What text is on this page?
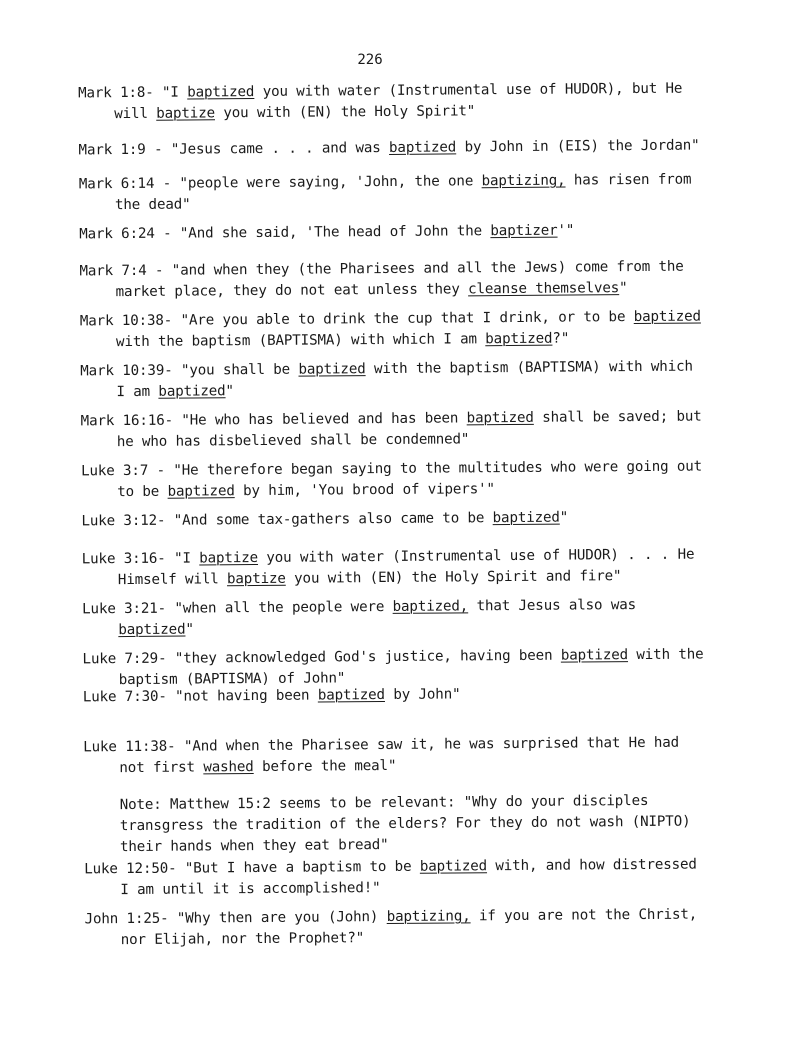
226
Mark 1:8- "I baptized you with water (Instrumental use of HUDOR), but He
will baptize you with (EN) the Holy Spirit"
Mark 1:9 - "Jesus came . . . and was baptized by John in (EIS) the Jordan"
Mark 6:14 - "people were saying, 'John, the one baptizing, has risen from
the dead"
Mark 6:24 - "And she said, 'The head of John the baptizer'"
Mark 7:4 - "and when they (the Pharisees and all the Jews) come from the
market place, they do not eat unless they cleanse themselves"
Mark 10:38- "Are you able to drink the cup that I drink, or to be baptized
with the baptism (BAPTISMA) with which I am baptized?"
Mark 10:39- "you shall be baptized with the baptism (BAPTISMA) with which
I am baptized"
Mark 16:16- "He who has believed and has been baptized shall be saved; but
he who has disbelieved shall be condemned"
Luke 3:7 - "He therefore began saying to the multitudes who were going out
to be baptized by him, 'You brood of vipers'"
Luke 3:12- "And some tax-gathers also came to be baptized"
Luke 3:16- "I baptize you with water (Instrumental use of HUDOR) . . . He
Himself will baptize you with (EN) the Holy Spirit and fire"
Luke 3:21- "when all the people were baptized, that Jesus also was
baptized"
Luke 7:29- "they acknowledged God's justice, having been baptized with the
baptism (BAPTISMA) of John"
Luke 7:30- "not having been baptized by John"
Luke 11:38- "And when the Pharisee saw it, he was surprised that He had
not first washed before the meal"
Note: Matthew 15:2 seems to be relevant: "Why do your disciples
transgress the tradition of the elders? For they do not wash (NIPTO)
their hands when they eat bread"
Luke 12:50- "But I have a baptism to be baptized with, and how distressed
I am until it is accomplished!"
John 1:25- "Why then are you (John) baptizing, if you are not the Christ,
nor Elijah, nor the Prophet?"
